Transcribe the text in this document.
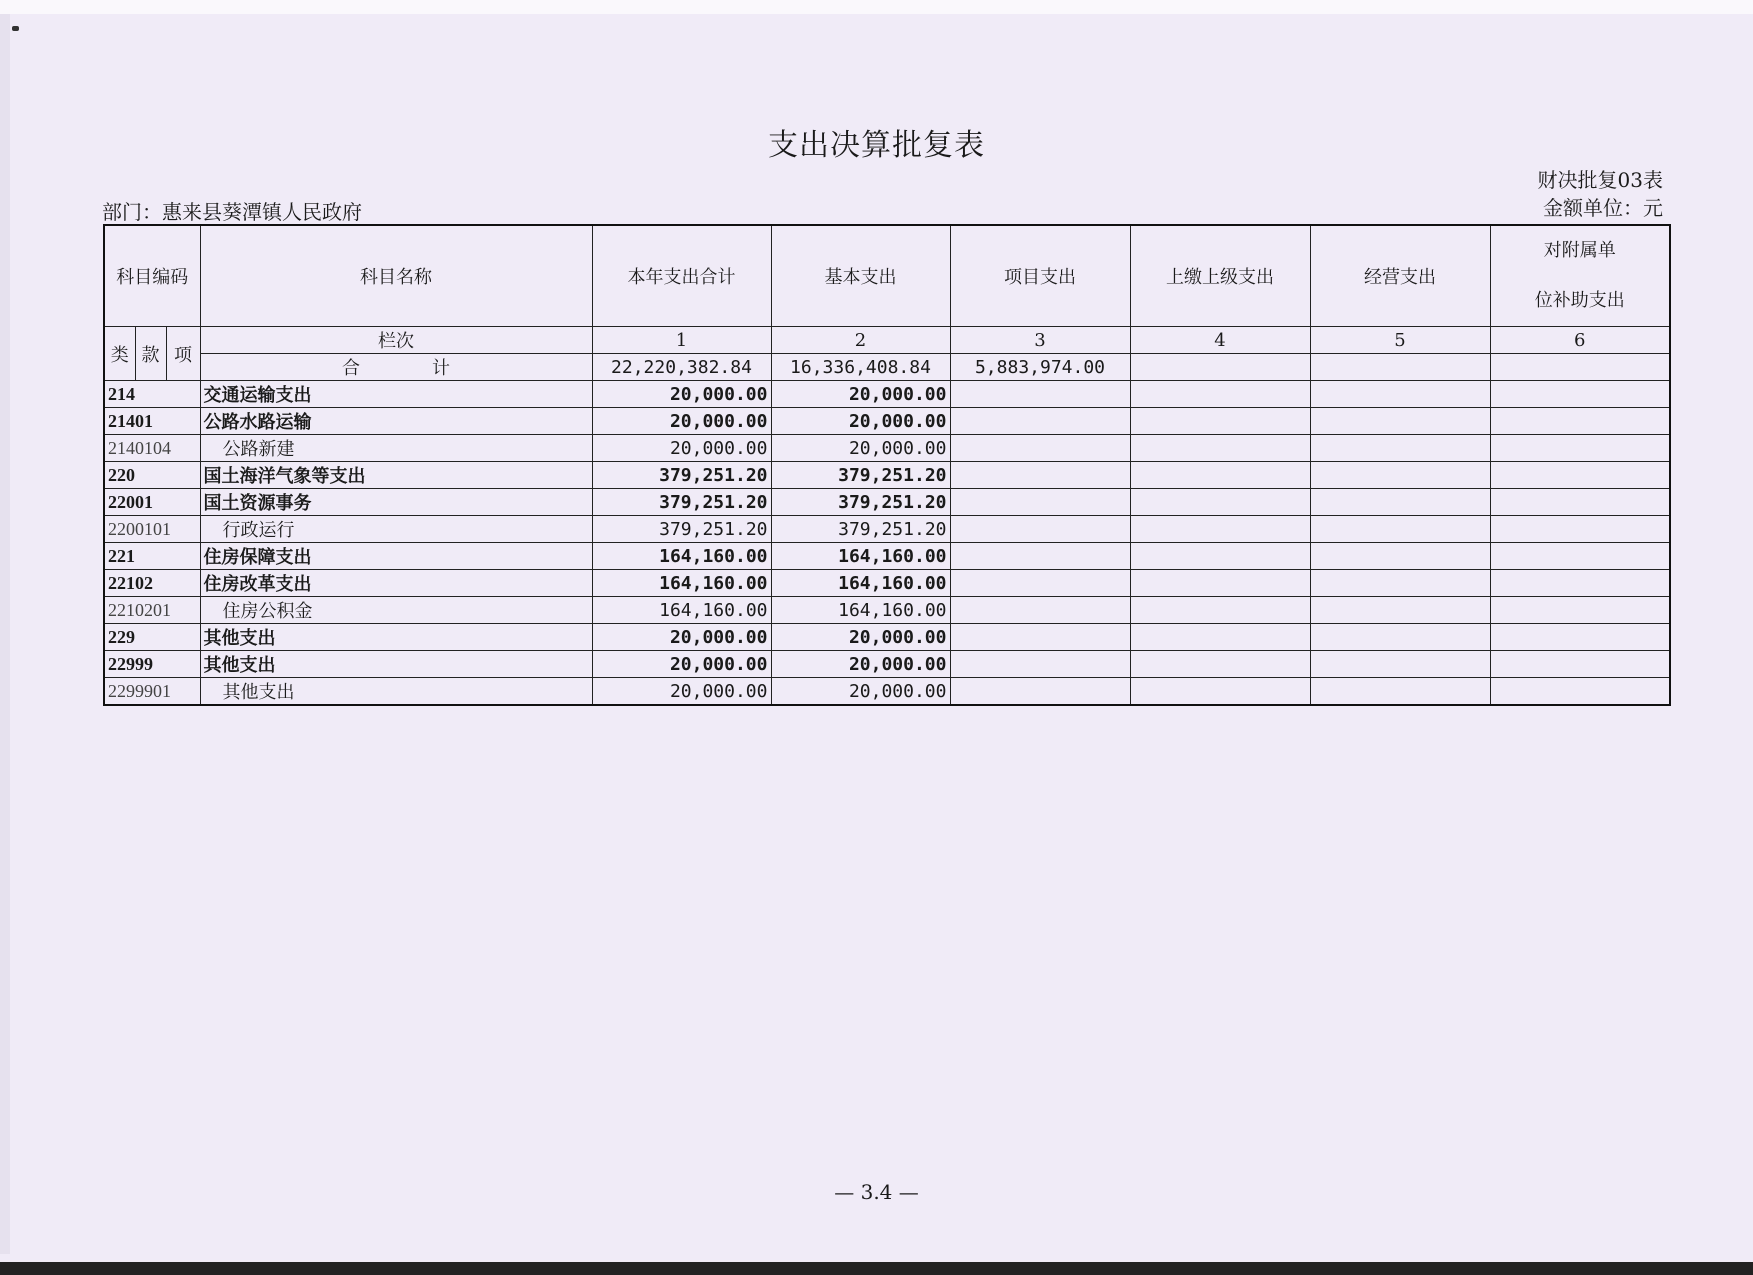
支出决算批复表
财决批复03表
金额单位：元
部门：惠来县葵潭镇人民政府
科目编码			科目名称	本年支出合计	基本支出	项目支出	上缴上级支出	经营支出	对附属单
位补助支出
类	款	项	栏次	1	2	3	4	5	6
			合　　　　计	22,220,382.84	16,336,408.84	5,883,974.00			
214			交通运输支出	20,000.00	20,000.00				
21401			公路水路运输	20,000.00	20,000.00				
2140104			公路新建	20,000.00	20,000.00				
220			国土海洋气象等支出	379,251.20	379,251.20				
22001			国土资源事务	379,251.20	379,251.20				
2200101			行政运行	379,251.20	379,251.20				
221			住房保障支出	164,160.00	164,160.00				
22102			住房改革支出	164,160.00	164,160.00				
2210201			住房公积金	164,160.00	164,160.00				
229			其他支出	20,000.00	20,000.00				
22999			其他支出	20,000.00	20,000.00				
2299901			其他支出	20,000.00	20,000.00				
— 3.4 —
